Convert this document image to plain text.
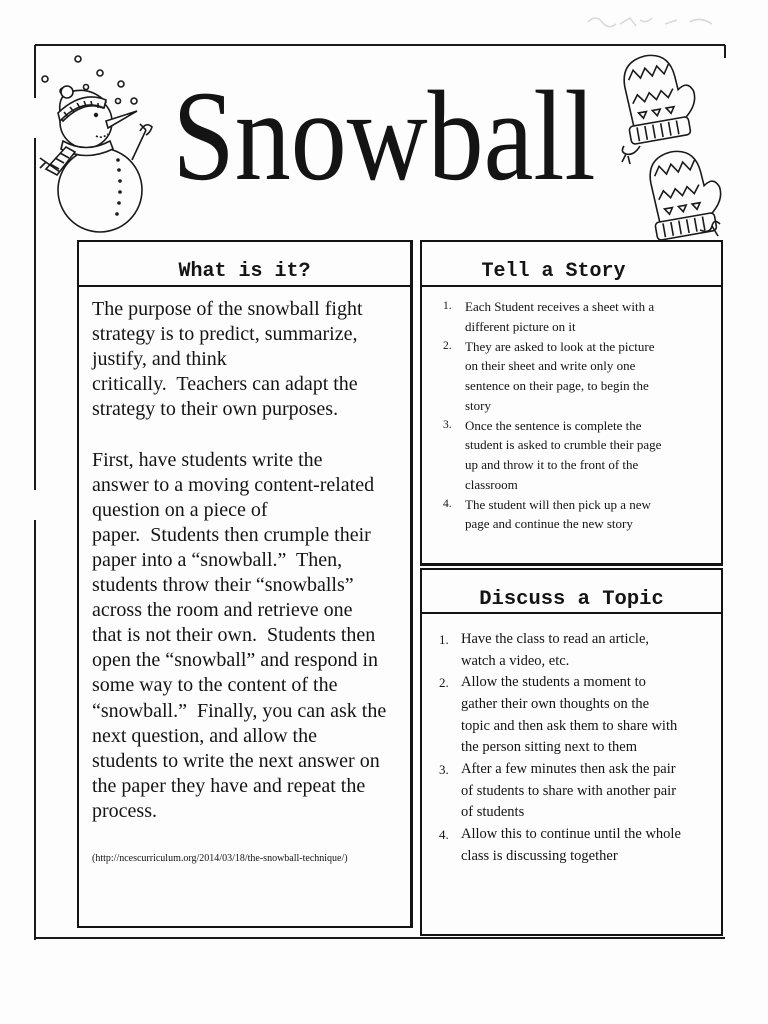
Snowball
What is it?
The purpose of the snowball fight
strategy is to predict, summarize,
justify, and think
critically.  Teachers can adapt the
strategy to their own purposes.
First, have students write the
answer to a moving content-related
question on a piece of
paper.  Students then crumple their
paper into a “snowball.”  Then,
students throw their “snowballs”
across the room and retrieve one
that is not their own.  Students then
open the “snowball” and respond in
some way to the content of the
“snowball.”  Finally, you can ask the
next question, and allow the
students to write the next answer on
the paper they have and repeat the
process.
(http://ncescurriculum.org/2014/03/18/the-snowball-technique/)
Tell a Story
1. Each Student receives a sheet with a
different picture on it
2. They are asked to look at the picture
on their sheet and write only one
sentence on their page, to begin the
story
3. Once the sentence is complete the
student is asked to crumble their page
up and throw it to the front of the
classroom
4. The student will then pick up a new
page and continue the new story
Discuss a Topic
1. Have the class to read an article,
watch a video, etc.
2. Allow the students a moment to
gather their own thoughts on the
topic and then ask them to share with
the person sitting next to them
3. After a few minutes then ask the pair
of students to share with another pair
of students
4. Allow this to continue until the whole
class is discussing together
